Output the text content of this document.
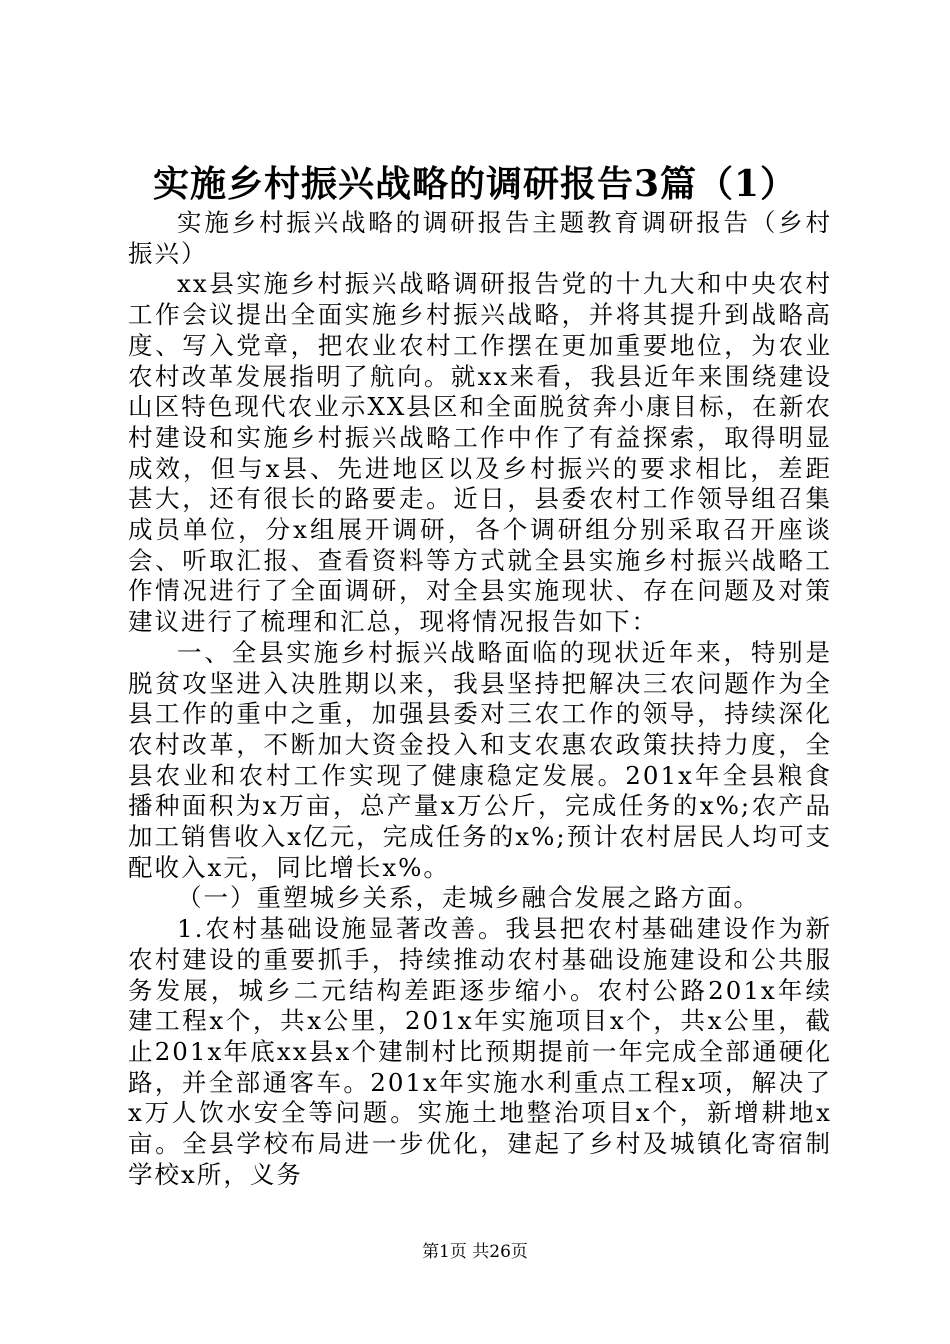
实施乡村振兴战略的调研报告3篇（1）

实施乡村振兴战略的调研报告主题教育调研报告（乡村振兴）

xx县实施乡村振兴战略调研报告党的十九大和中央农村工作会议提出全面实施乡村振兴战略，并将其提升到战略高度、写入党章，把农业农村工作摆在更加重要地位，为农业农村改革发展指明了航向。就xx来看，我县近年来围绕建设山区特色现代农业示XX县区和全面脱贫奔小康目标，在新农村建设和实施乡村振兴战略工作中作了有益探索，取得明显成效，但与x县、先进地区以及乡村振兴的要求相比，差距甚大，还有很长的路要走。近日，县委农村工作领导组召集成员单位，分x组展开调研，各个调研组分别采取召开座谈会、听取汇报、查看资料等方式就全县实施乡村振兴战略工作情况进行了全面调研，对全县实施现状、存在问题及对策建议进行了梳理和汇总，现将情况报告如下：

一、全县实施乡村振兴战略面临的现状近年来，特别是脱贫攻坚进入决胜期以来，我县坚持把解决三农问题作为全县工作的重中之重，加强县委对三农工作的领导，持续深化农村改革，不断加大资金投入和支农惠农政策扶持力度，全县农业和农村工作实现了健康稳定发展。201x年全县粮食播种面积为x万亩，总产量x万公斤，完成任务的x%;农产品加工销售收入x亿元，完成任务的x%;预计农村居民人均可支配收入x元，同比增长x%。

（一）重塑城乡关系，走城乡融合发展之路方面。

1.农村基础设施显著改善。我县把农村基础建设作为新农村建设的重要抓手，持续推动农村基础设施建设和公共服务发展，城乡二元结构差距逐步缩小。农村公路201x年续建工程x个，共x公里，201x年实施项目x个，共x公里，截止201x年底xx县x个建制村比预期提前一年完成全部通硬化路，并全部通客车。201x年实施水利重点工程x项，解决了x万人饮水安全等问题。实施土地整治项目x个，新增耕地x亩。全县学校布局进一步优化，建起了乡村及城镇化寄宿制学校x所，义务

第1页 共26页
